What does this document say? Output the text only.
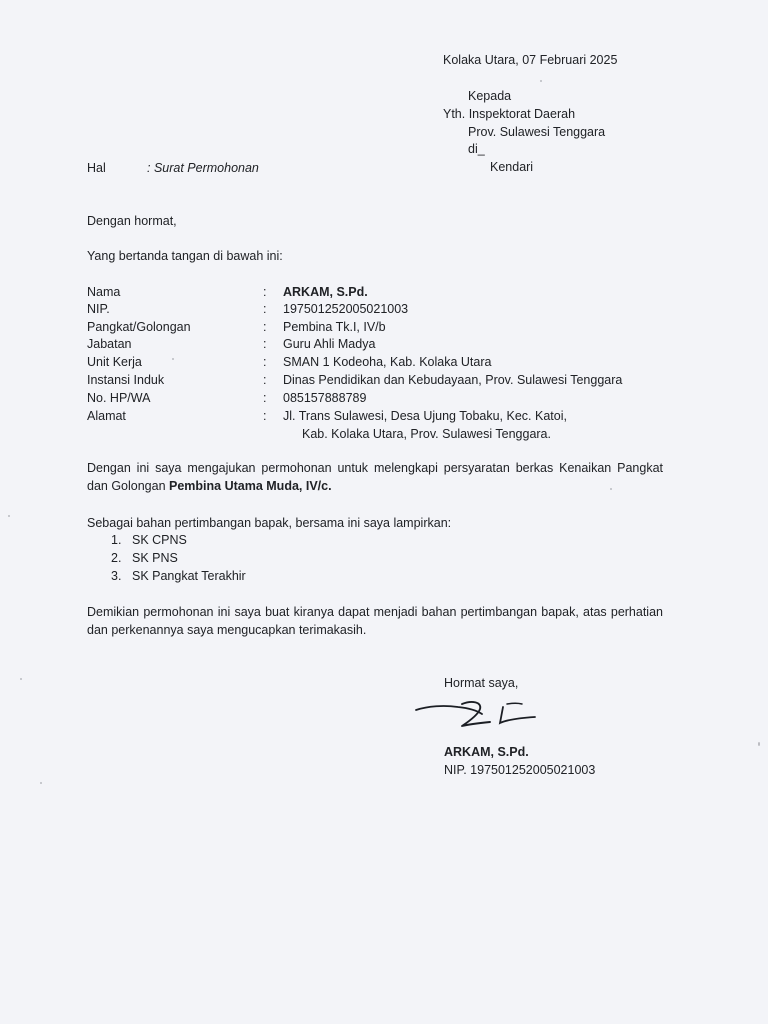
Kolaka Utara, 07 Februari 2025
Kepada
Yth. Inspektorat Daerah
Prov. Sulawesi Tenggara
di_
Kendari
Hal	: Surat Permohonan
Dengan hormat,
Yang bertanda tangan di bawah ini:
Nama	: ARKAM, S.Pd.
NIP.	: 197501252005021003
Pangkat/Golongan	: Pembina Tk.I, IV/b
Jabatan	: Guru Ahli Madya
Unit Kerja	: SMAN 1 Kodeoha, Kab. Kolaka Utara
Instansi Induk	: Dinas Pendidikan dan Kebudayaan, Prov. Sulawesi Tenggara
No. HP/WA	: 085157888789
Alamat	: Jl. Trans Sulawesi, Desa Ujung Tobaku, Kec. Katoi,
Kab. Kolaka Utara, Prov. Sulawesi Tenggara.
Dengan ini saya mengajukan permohonan untuk melengkapi persyaratan berkas Kenaikan Pangkat dan Golongan Pembina Utama Muda, IV/c.
Sebagai bahan pertimbangan bapak, bersama ini saya lampirkan:
1. SK CPNS
2. SK PNS
3. SK Pangkat Terakhir
Demikian permohonan ini saya buat kiranya dapat menjadi bahan pertimbangan bapak, atas perhatian dan perkenannya saya mengucapkan terimakasih.
Hormat saya,
ARKAM, S.Pd.
NIP. 197501252005021003
